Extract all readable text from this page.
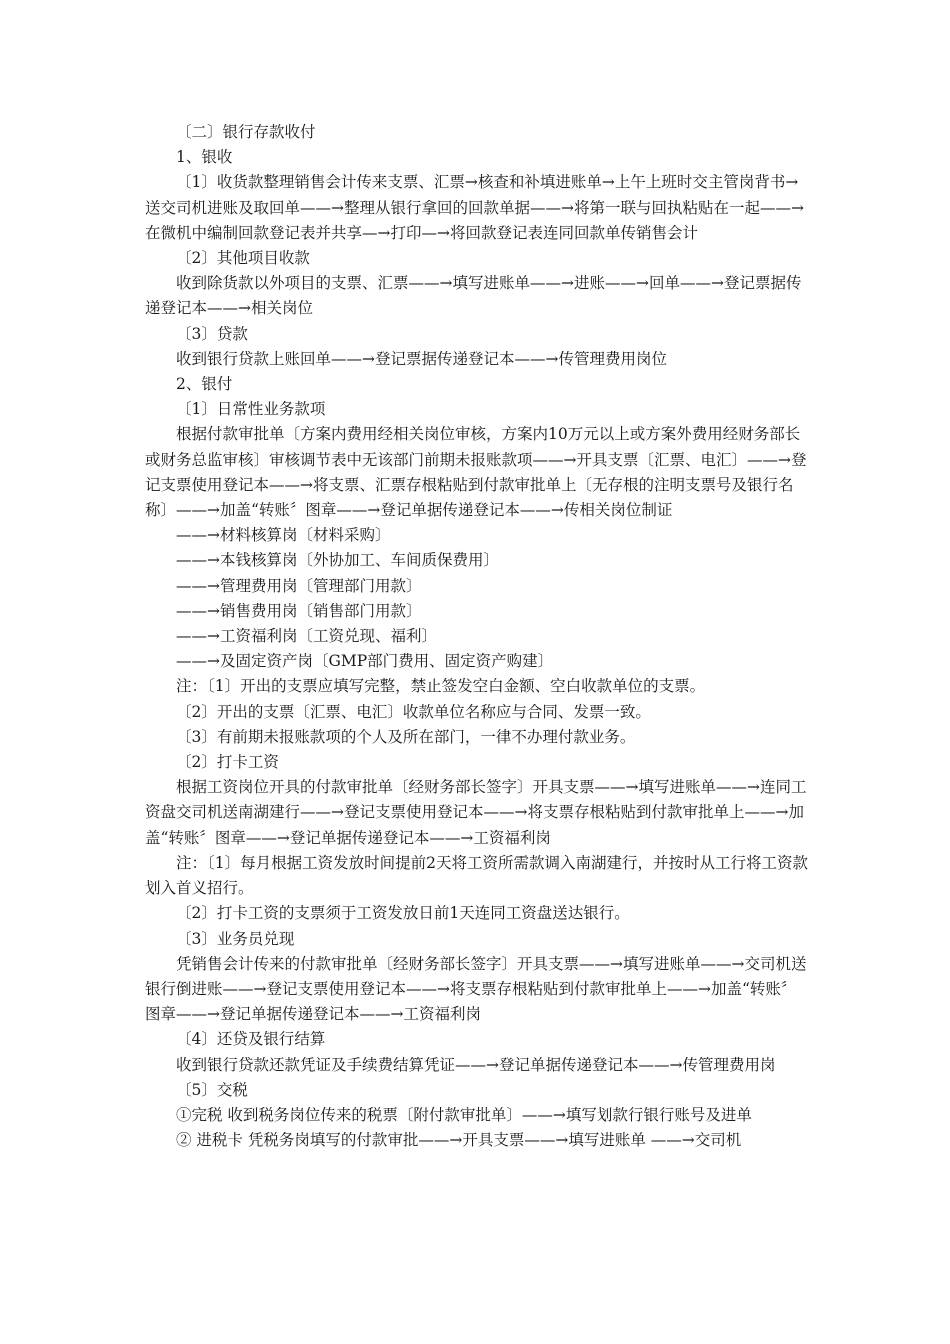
〔二〕银行存款收付

1、银收

〔1〕收货款整理销售会计传来支票、汇票→核查和补填进账单→上午上班时交主管岗背书→送交司机进账及取回单——→整理从银行拿回的回款单据——→将第一联与回执粘贴在一起——→在微机中编制回款登记表并共享—→打印—→将回款登记表连同回款单传销售会计

〔2〕其他项目收款

收到除货款以外项目的支票、汇票——→填写进账单——→进账——→回单——→登记票据传递登记本——→相关岗位

〔3〕贷款

收到银行贷款上账回单——→登记票据传递登记本——→传管理费用岗位

2、银付

〔1〕日常性业务款项

根据付款审批单〔方案内费用经相关岗位审核，方案内10万元以上或方案外费用经财务部长或财务总监审核〕审核调节表中无该部门前期未报账款项——→开具支票〔汇票、电汇〕——→登记支票使用登记本——→将支票、汇票存根粘贴到付款审批单上〔无存根的注明支票号及银行名称〕——→加盖“转账〞图章——→登记单据传递登记本——→传相关岗位制证

——→材料核算岗〔材料采购〕

——→本钱核算岗〔外协加工、车间质保费用〕

——→管理费用岗〔管理部门用款〕

——→销售费用岗〔销售部门用款〕

——→工资福利岗〔工资兑现、福利〕

——→及固定资产岗〔GMP部门费用、固定资产购建〕

注：〔1〕开出的支票应填写完整，禁止签发空白金额、空白收款单位的支票。

〔2〕开出的支票〔汇票、电汇〕收款单位名称应与合同、发票一致。

〔3〕有前期未报账款项的个人及所在部门，一律不办理付款业务。

〔2〕打卡工资

根据工资岗位开具的付款审批单〔经财务部长签字〕开具支票——→填写进账单——→连同工资盘交司机送南湖建行——→登记支票使用登记本——→将支票存根粘贴到付款审批单上——→加盖“转账〞图章——→登记单据传递登记本——→工资福利岗

注：〔1〕每月根据工资发放时间提前2天将工资所需款调入南湖建行，并按时从工行将工资款划入首义招行。

〔2〕打卡工资的支票须于工资发放日前1天连同工资盘送达银行。

〔3〕业务员兑现

凭销售会计传来的付款审批单〔经财务部长签字〕开具支票——→填写进账单——→交司机送银行倒进账——→登记支票使用登记本——→将支票存根粘贴到付款审批单上——→加盖“转账〞图章——→登记单据传递登记本——→工资福利岗

〔4〕还贷及银行结算

收到银行贷款还款凭证及手续费结算凭证——→登记单据传递登记本——→传管理费用岗

〔5〕交税

①完税 收到税务岗位传来的税票〔附付款审批单〕——→填写划款行银行账号及进单

② 进税卡 凭税务岗填写的付款审批——→开具支票——→填写进账单 ——→交司机
